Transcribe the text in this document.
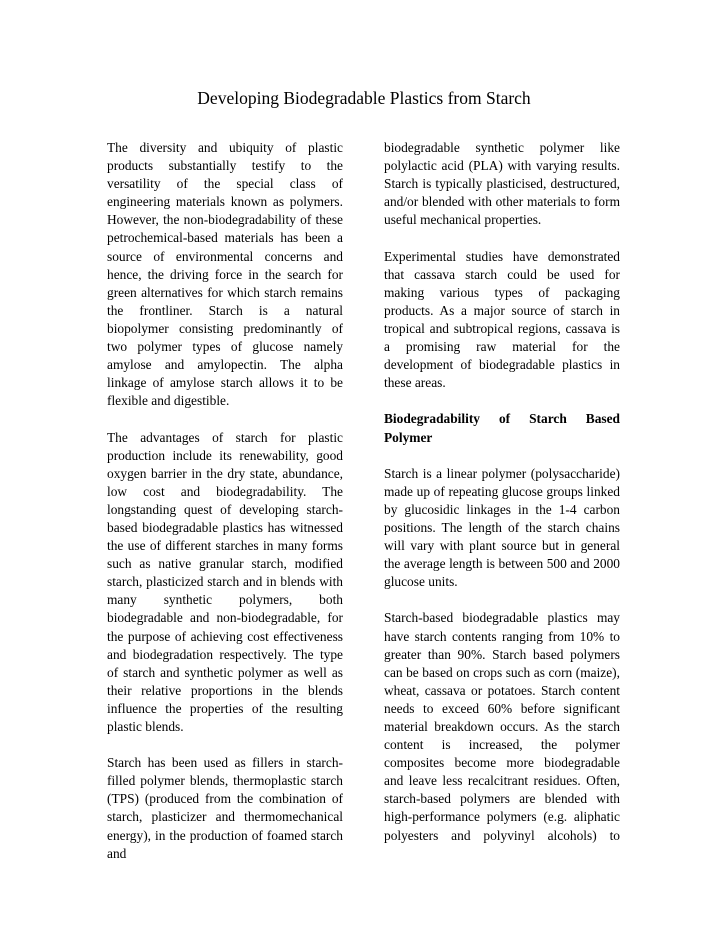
Developing Biodegradable Plastics from Starch

The diversity and ubiquity of plastic products substantially testify to the versatility of the special class of engineering materials known as polymers. However, the non-biodegradability of these petrochemical-based materials has been a source of environmental concerns and hence, the driving force in the search for green alternatives for which starch remains the frontliner. Starch is a natural biopolymer consisting predominantly of two polymer types of glucose namely amylose and amylopectin. The alpha linkage of amylose starch allows it to be flexible and digestible.

The advantages of starch for plastic production include its renewability, good oxygen barrier in the dry state, abundance, low cost and biodegradability. The longstanding quest of developing starch-based biodegradable plastics has witnessed the use of different starches in many forms such as native granular starch, modified starch, plasticized starch and in blends with many synthetic polymers, both biodegradable and non-biodegradable, for the purpose of achieving cost effectiveness and biodegradation respectively. The type of starch and synthetic polymer as well as their relative proportions in the blends influence the properties of the resulting plastic blends.

Starch has been used as fillers in starch-filled polymer blends, thermoplastic starch (TPS) (produced from the combination of starch, plasticizer and thermomechanical energy), in the production of foamed starch and

biodegradable synthetic polymer like polylactic acid (PLA) with varying results. Starch is typically plasticised, destructured, and/or blended with other materials to form useful mechanical properties.

Experimental studies have demonstrated that cassava starch could be used for making various types of packaging products. As a major source of starch in tropical and subtropical regions, cassava is a promising raw material for the development of biodegradable plastics in these areas.

Biodegradability of Starch Based Polymer

Starch is a linear polymer (polysaccharide) made up of repeating glucose groups linked by glucosidic linkages in the 1-4 carbon positions. The length of the starch chains will vary with plant source but in general the average length is between 500 and 2000 glucose units.

Starch-based biodegradable plastics may have starch contents ranging from 10% to greater than 90%. Starch based polymers can be based on crops such as corn (maize), wheat, cassava or potatoes. Starch content needs to exceed 60% before significant material breakdown occurs. As the starch content is increased, the polymer composites become more biodegradable and leave less recalcitrant residues. Often, starch-based polymers are blended with high-performance polymers (e.g. aliphatic polyesters and polyvinyl alcohols) to
